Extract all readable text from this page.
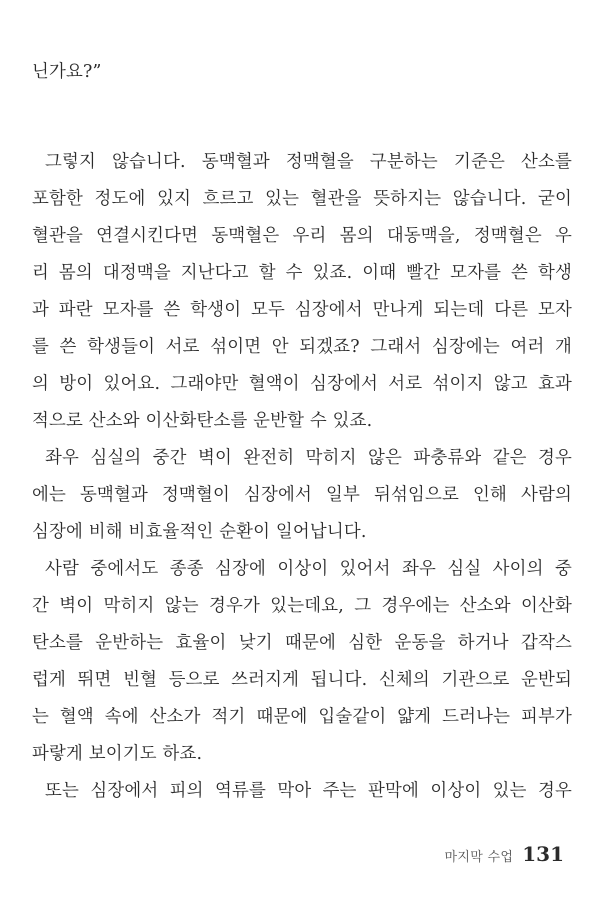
닌가요?”
그렇지 않습니다. 동맥혈과 정맥혈을 구분하는 기준은 산소를
포함한 정도에 있지 흐르고 있는 혈관을 뜻하지는 않습니다. 굳이
혈관을 연결시킨다면 동맥혈은 우리 몸의 대동맥을, 정맥혈은 우
리 몸의 대정맥을 지난다고 할 수 있죠. 이때 빨간 모자를 쓴 학생
과 파란 모자를 쓴 학생이 모두 심장에서 만나게 되는데 다른 모자
를 쓴 학생들이 서로 섞이면 안 되겠죠? 그래서 심장에는 여러 개
의 방이 있어요. 그래야만 혈액이 심장에서 서로 섞이지 않고 효과
적으로 산소와 이산화탄소를 운반할 수 있죠.
좌우 심실의 중간 벽이 완전히 막히지 않은 파충류와 같은 경우
에는 동맥혈과 정맥혈이 심장에서 일부 뒤섞임으로 인해 사람의
심장에 비해 비효율적인 순환이 일어납니다.
사람 중에서도 종종 심장에 이상이 있어서 좌우 심실 사이의 중
간 벽이 막히지 않는 경우가 있는데요, 그 경우에는 산소와 이산화
탄소를 운반하는 효율이 낮기 때문에 심한 운동을 하거나 갑작스
럽게 뛰면 빈혈 등으로 쓰러지게 됩니다. 신체의 기관으로 운반되
는 혈액 속에 산소가 적기 때문에 입술같이 얇게 드러나는 피부가
파랗게 보이기도 하죠.
또는 심장에서 피의 역류를 막아 주는 판막에 이상이 있는 경우
마지막 수업 131
